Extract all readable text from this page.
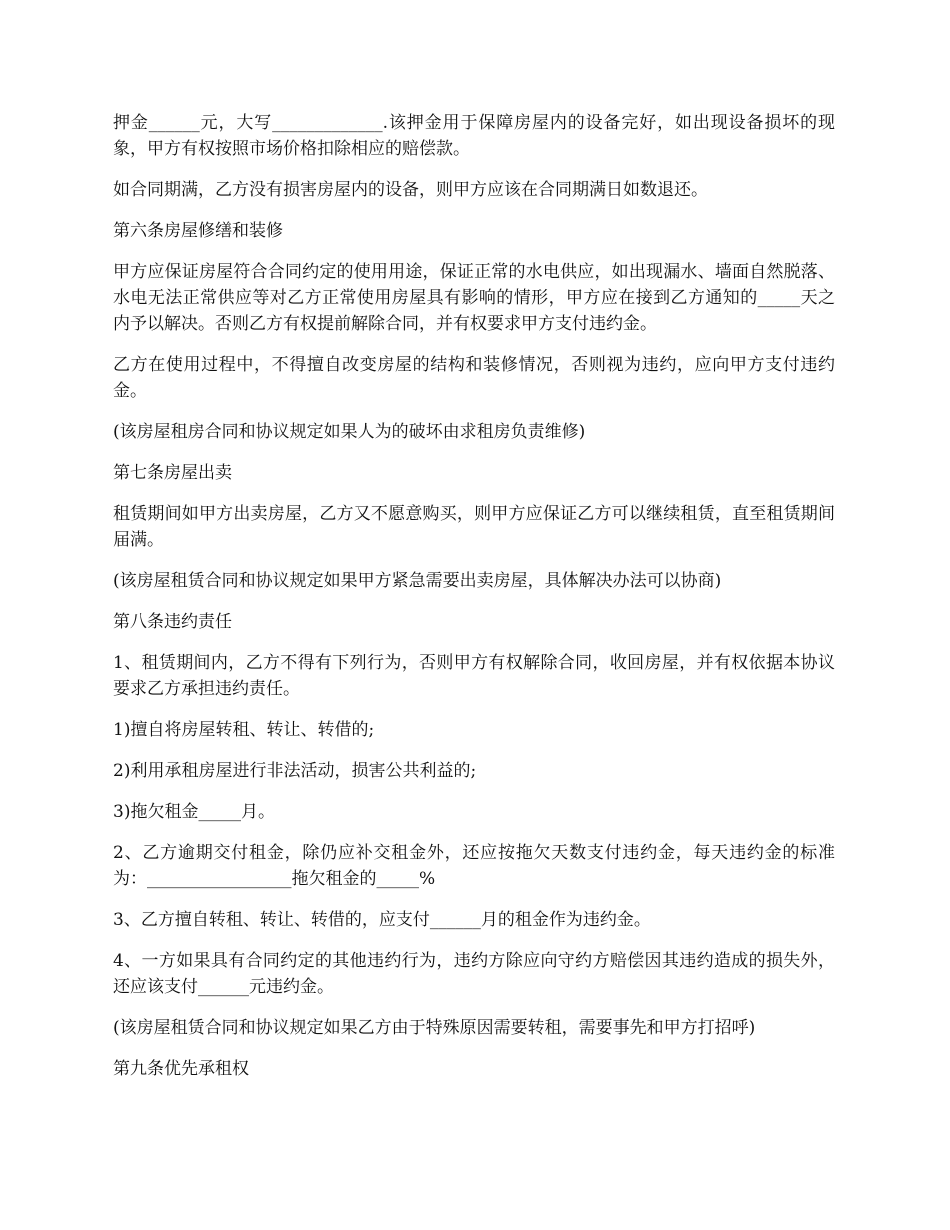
押金______元，大写_____________.该押金用于保障房屋内的设备完好，如出现设备损坏的现象，甲方有权按照市场价格扣除相应的赔偿款。

如合同期满，乙方没有损害房屋内的设备，则甲方应该在合同期满日如数退还。

第六条房屋修缮和装修

甲方应保证房屋符合合同约定的使用用途，保证正常的水电供应，如出现漏水、墙面自然脱落、水电无法正常供应等对乙方正常使用房屋具有影响的情形，甲方应在接到乙方通知的_____天之内予以解决。否则乙方有权提前解除合同，并有权要求甲方支付违约金。

乙方在使用过程中，不得擅自改变房屋的结构和装修情况，否则视为违约，应向甲方支付违约金。

(该房屋租房合同和协议规定如果人为的破坏由求租房负责维修)

第七条房屋出卖

租赁期间如甲方出卖房屋，乙方又不愿意购买，则甲方应保证乙方可以继续租赁，直至租赁期间届满。

(该房屋租赁合同和协议规定如果甲方紧急需要出卖房屋，具体解决办法可以协商)

第八条违约责任

1、租赁期间内，乙方不得有下列行为，否则甲方有权解除合同，收回房屋，并有权依据本协议要求乙方承担违约责任。

1)擅自将房屋转租、转让、转借的;

2)利用承租房屋进行非法活动，损害公共利益的;

3)拖欠租金_____月。

2、乙方逾期交付租金，除仍应补交租金外，还应按拖欠天数支付违约金，每天违约金的标准为：_________________拖欠租金的_____%

3、乙方擅自转租、转让、转借的，应支付______月的租金作为违约金。

4、一方如果具有合同约定的其他违约行为，违约方除应向守约方赔偿因其违约造成的损失外，还应该支付______元违约金。

(该房屋租赁合同和协议规定如果乙方由于特殊原因需要转租，需要事先和甲方打招呼)

第九条优先承租权
